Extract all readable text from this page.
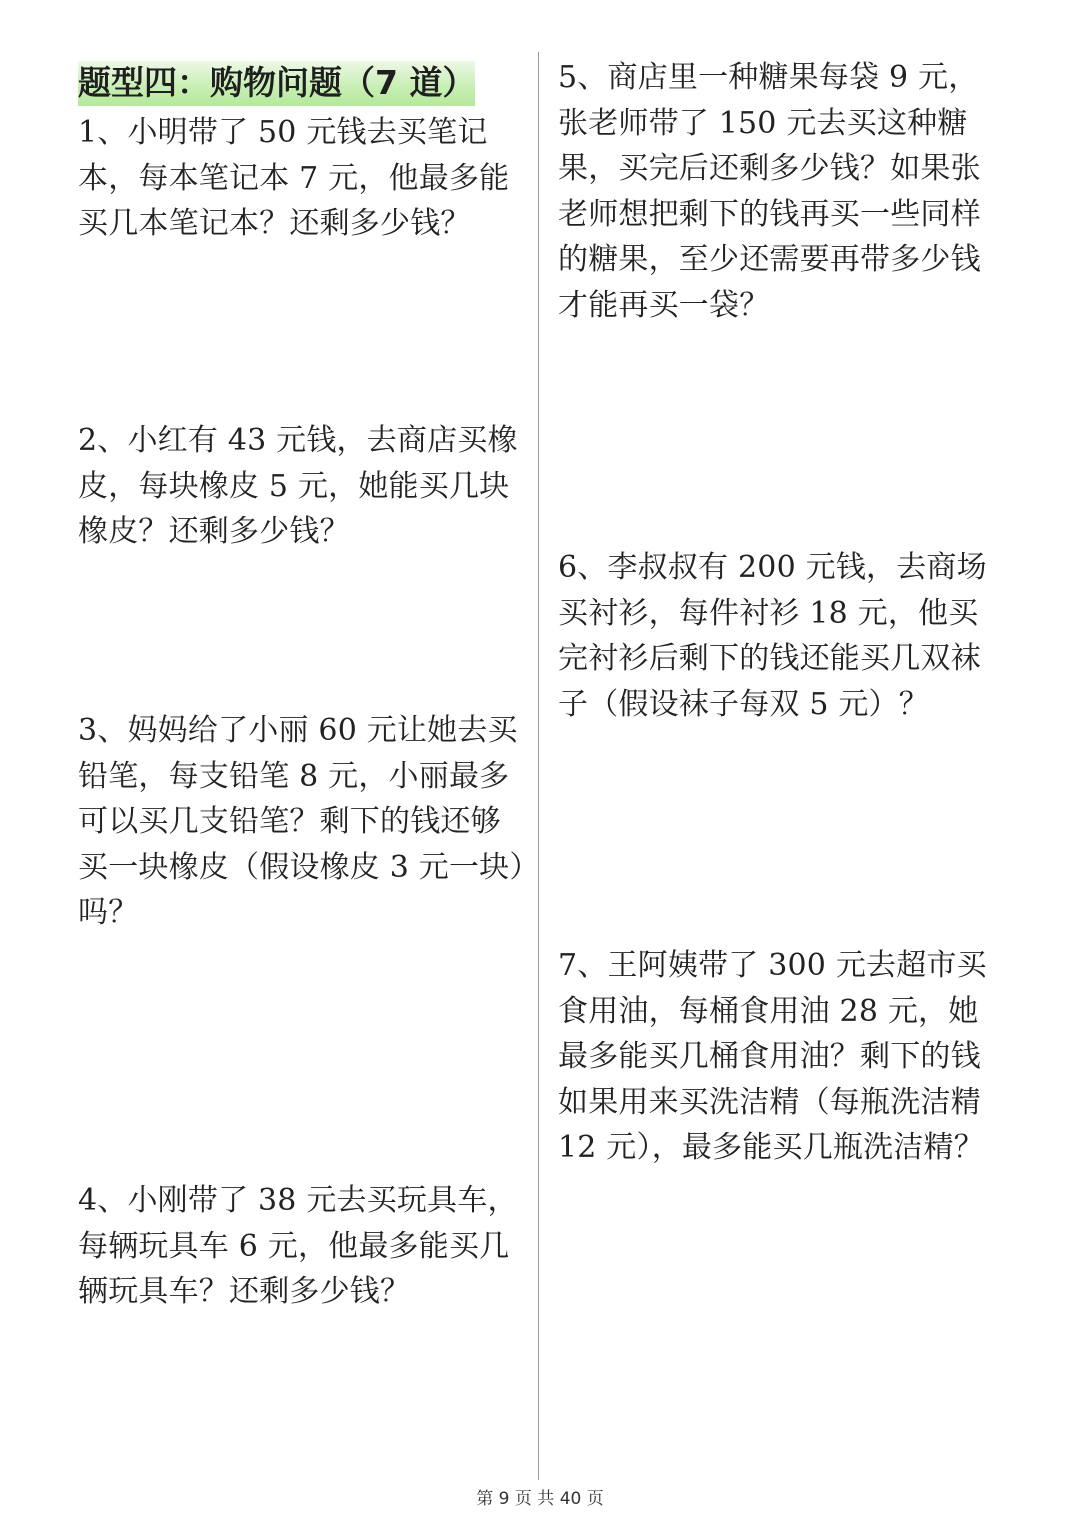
题型四：购物问题（7 道）
1、小明带了 50 元钱去买笔记本，每本笔记本 7 元，他最多能买几本笔记本？还剩多少钱？
2、小红有 43 元钱，去商店买橡皮，每块橡皮 5 元，她能买几块橡皮？还剩多少钱？
3、妈妈给了小丽 60 元让她去买铅笔，每支铅笔 8 元，小丽最多可以买几支铅笔？剩下的钱还够买一块橡皮（假设橡皮 3 元一块）吗？
4、小刚带了 38 元去买玩具车，每辆玩具车 6 元，他最多能买几辆玩具车？还剩多少钱？
5、商店里一种糖果每袋 9 元，张老师带了 150 元去买这种糖果，买完后还剩多少钱？如果张老师想把剩下的钱再买一些同样的糖果，至少还需要再带多少钱才能再买一袋？
6、李叔叔有 200 元钱，去商场买衬衫，每件衬衫 18 元，他买完衬衫后剩下的钱还能买几双袜子（假设袜子每双 5 元）？
7、王阿姨带了 300 元去超市买食用油，每桶食用油 28 元，她最多能买几桶食用油？剩下的钱如果用来买洗洁精（每瓶洗洁精 12 元），最多能买几瓶洗洁精？
第 9 页 共 40 页
